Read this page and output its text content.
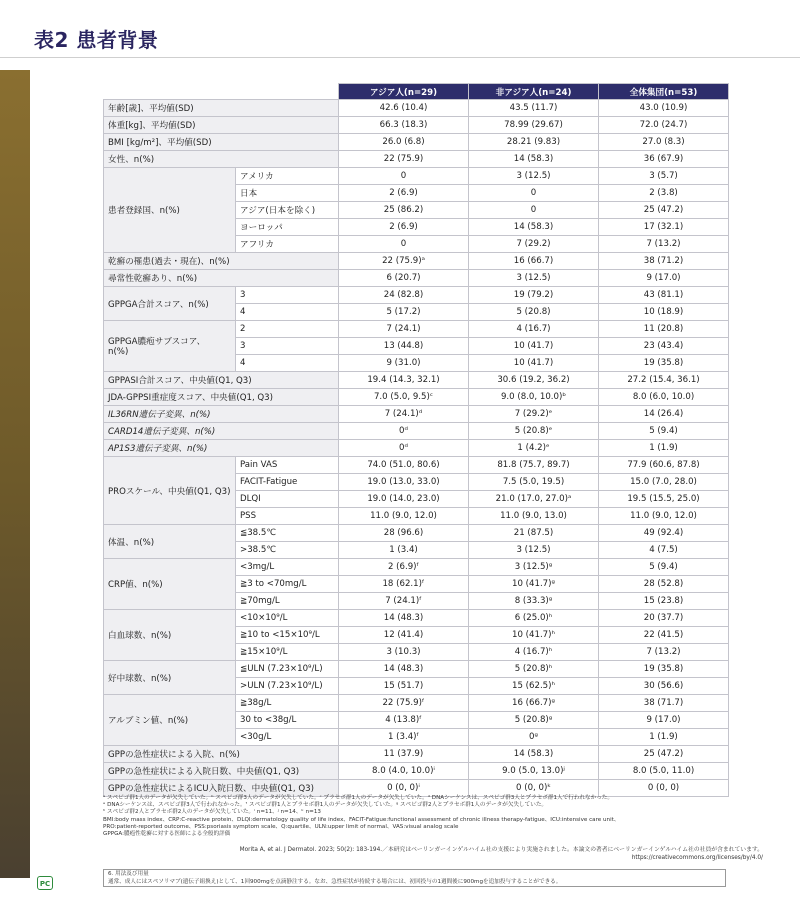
表2 患者背景
		アジア人(n=29)	非アジア人(n=24)	全体集団(n=53)
年齢[歳]、平均値(SD)		42.6 (10.4)	43.5 (11.7)	43.0 (10.9)
体重[kg]、平均値(SD)		66.3 (18.3)	78.99 (29.67)	72.0 (24.7)
BMI [kg/m²]、平均値(SD)		26.0 (6.8)	28.21 (9.83)	27.0 (8.3)
女性、n(%)		22 (75.9)	14 (58.3)	36 (67.9)
患者登録国、n(%)	アメリカ	0	3 (12.5)	3 (5.7)
	日本	2 (6.9)	0	2 (3.8)
	アジア(日本を除く)	25 (86.2)	0	25 (47.2)
	ヨーロッパ	2 (6.9)	14 (58.3)	17 (32.1)
	アフリカ	0	7 (29.2)	7 (13.2)
乾癬の罹患(過去・現在)、n(%)		22 (75.9)ᵃ	16 (66.7)	38 (71.2)
尋常性乾癬あり、n(%)		6 (20.7)	3 (12.5)	9 (17.0)
GPPGA合計スコア、n(%)	3	24 (82.8)	19 (79.2)	43 (81.1)
	4	5 (17.2)	5 (20.8)	10 (18.9)

GPPGA膿疱サブスコア、
n(%)	2	7 (24.1)	4 (16.7)	11 (20.8)
	3	13 (44.8)	10 (41.7)	23 (43.4)
	4	9 (31.0)	10 (41.7)	19 (35.8)
GPPASI合計スコア、中央値(Q1, Q3)		19.4 (14.3, 32.1)	30.6 (19.2, 36.2)	27.2 (15.4, 36.1)
JDA-GPPSI重症度スコア、中央値(Q1, Q3)		7.0 (5.0, 9.5)ᶜ	9.0 (8.0, 10.0)ᵇ	8.0 (6.0, 10.0)
IL36RN遺伝子変異、n(%)		7 (24.1)ᵈ	7 (29.2)ᵉ	14 (26.4)
CARD14遺伝子変異、n(%)		0ᵈ	5 (20.8)ᵉ	5 (9.4)
AP1S3遺伝子変異、n(%)		0ᵈ	1 (4.2)ᵉ	1 (1.9)
PROスケール、中央値(Q1, Q3)	Pain VAS	74.0 (51.0, 80.6)	81.8 (75.7, 89.7)	77.9 (60.6, 87.8)
	FACIT-Fatigue	19.0 (13.0, 33.0)	7.5 (5.0, 19.5)	15.0 (7.0, 28.0)
	DLQI	19.0 (14.0, 23.0)	21.0 (17.0, 27.0)ᵃ	19.5 (15.5, 25.0)
	PSS	11.0 (9.0, 12.0)	11.0 (9.0, 13.0)	11.0 (9.0, 12.0)
体温、n(%)	≦38.5℃	28 (96.6)	21 (87.5)	49 (92.4)
	>38.5℃	1 (3.4)	3 (12.5)	4 (7.5)
CRP値、n(%)	<3mg/L	2 (6.9)ᶠ	3 (12.5)ᵍ	5 (9.4)
	≧3 to <70mg/L	18 (62.1)ᶠ	10 (41.7)ᵍ	28 (52.8)
	≧70mg/L	7 (24.1)ᶠ	8 (33.3)ᵍ	15 (23.8)
白血球数、n(%)	<10×10⁹/L	14 (48.3)	6 (25.0)ʰ	20 (37.7)
	≧10 to <15×10⁹/L	12 (41.4)	10 (41.7)ʰ	22 (41.5)
	≧15×10⁹/L	3 (10.3)	4 (16.7)ʰ	7 (13.2)
好中球数、n(%)	≦ULN (7.23×10⁹/L)	14 (48.3)	5 (20.8)ʰ	19 (35.8)
	>ULN (7.23×10⁹/L)	15 (51.7)	15 (62.5)ʰ	30 (56.6)
アルブミン値、n(%)	≧38g/L	22 (75.9)ᶠ	16 (66.7)ᵍ	38 (71.7)
	30 to <38g/L	4 (13.8)ᶠ	5 (20.8)ᵍ	9 (17.0)
	<30g/L	1 (3.4)ᶠ	0ᵍ	1 (1.9)
GPPの急性症状による入院、n(%)		11 (37.9)	14 (58.3)	25 (47.2)
GPPの急性症状による入院日数、中央値(Q1, Q3)		8.0 (4.0, 10.0)ⁱ	9.0 (5.0, 13.0)ʲ	8.0 (5.0, 11.0)
GPPの急性症状によるICU入院日数、中央値(Q1, Q3)		0 (0, 0)ⁱ	0 (0, 0)ᵏ	0 (0, 0)
ᵃ スペビゴ群1人のデータが欠失していた。ᵇ スペビゴ群3人のデータが欠失していた。ᶜ プラセボ群1人のデータが欠失していた。ᵈ DNAシーケンスは、スペビゴ群3人とプラセボ群1人で行われなかった。
ᵉ DNAシーケンスは、スペビゴ群3人で行われなかった。ᶠ スペビゴ群1人とプラセボ群1人のデータが欠失していた。ᵍ スペビゴ群2人とプラセボ群1人のデータが欠失していた。
ʰ スペビゴ群2人とプラセボ群2人のデータが欠失していた。ⁱ n=11、ʲ n=14、ᵏ n=13
BMI:body mass index、CRP:C-reactive protein、DLQI:dermatology quality of life index、FACIT-Fatigue:functional assessment of chronic illness therapy-fatigue、ICU:intensive care unit、
PRO:patient-reported outcome、PSS:psoriasis symptom scale、Q:quartile、ULN:upper limit of normal、VAS:visual analog scale
GPPGA:膿疱性乾癬に対する医師による全般的評価
Morita A, et al. J Dermatol. 2023; 50(2): 183-194.／本研究はベーリンガーインゲルハイム社の支援により実施されました。本論文の著者にベーリンガーインゲルハイム社の社員が含まれています。
https://creativecommons.org/licenses/by/4.0/
6. 用法及び用量
通常、成人にはスペソリマブ(遺伝子組換え)として、1回900mgを点滴静注する。なお、急性症状が持続する場合には、初回投与の1週間後に900mgを追加投与することができる。
PC
